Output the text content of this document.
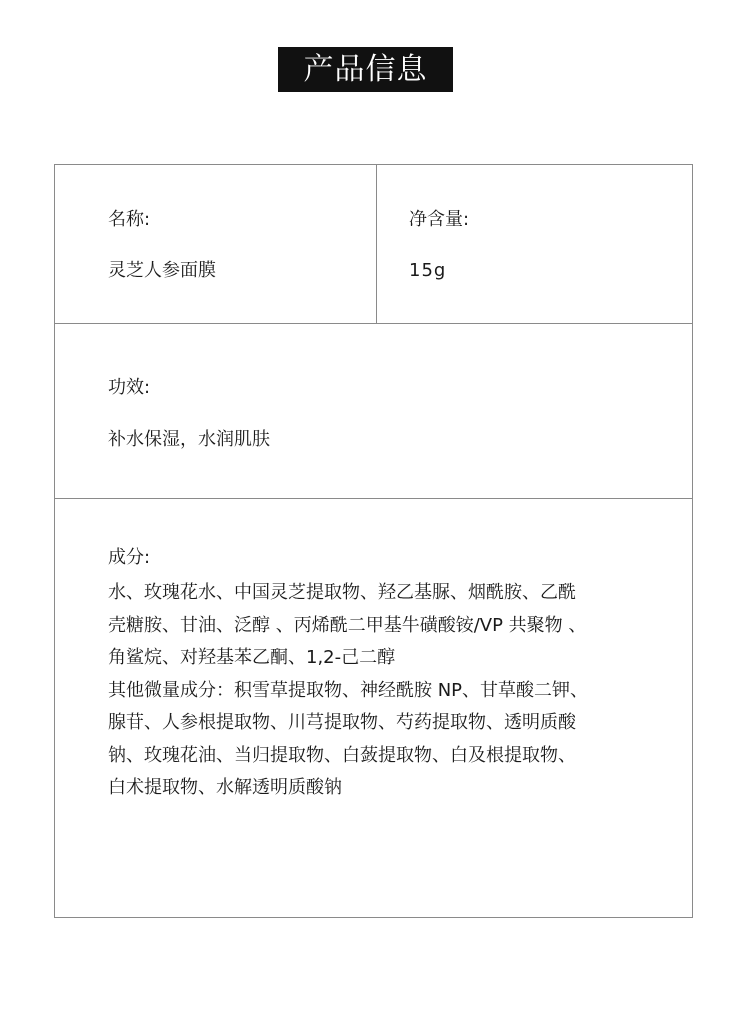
产品信息
名称:
灵芝人参面膜
净含量:
15g
功效:
补水保湿，水润肌肤
成分:

水、玫瑰花水、中国灵芝提取物、羟乙基脲、烟酰胺、乙酰

壳糖胺、甘油、泛醇 、丙烯酰二甲基牛磺酸铵/VP 共聚物 、

角鲨烷、对羟基苯乙酮、1,2-己二醇

其他微量成分：积雪草提取物、神经酰胺 NP、甘草酸二钾、

腺苷、人参根提取物、川芎提取物、芍药提取物、透明质酸

钠、玫瑰花油、当归提取物、白蔹提取物、白及根提取物、

白术提取物、水解透明质酸钠
